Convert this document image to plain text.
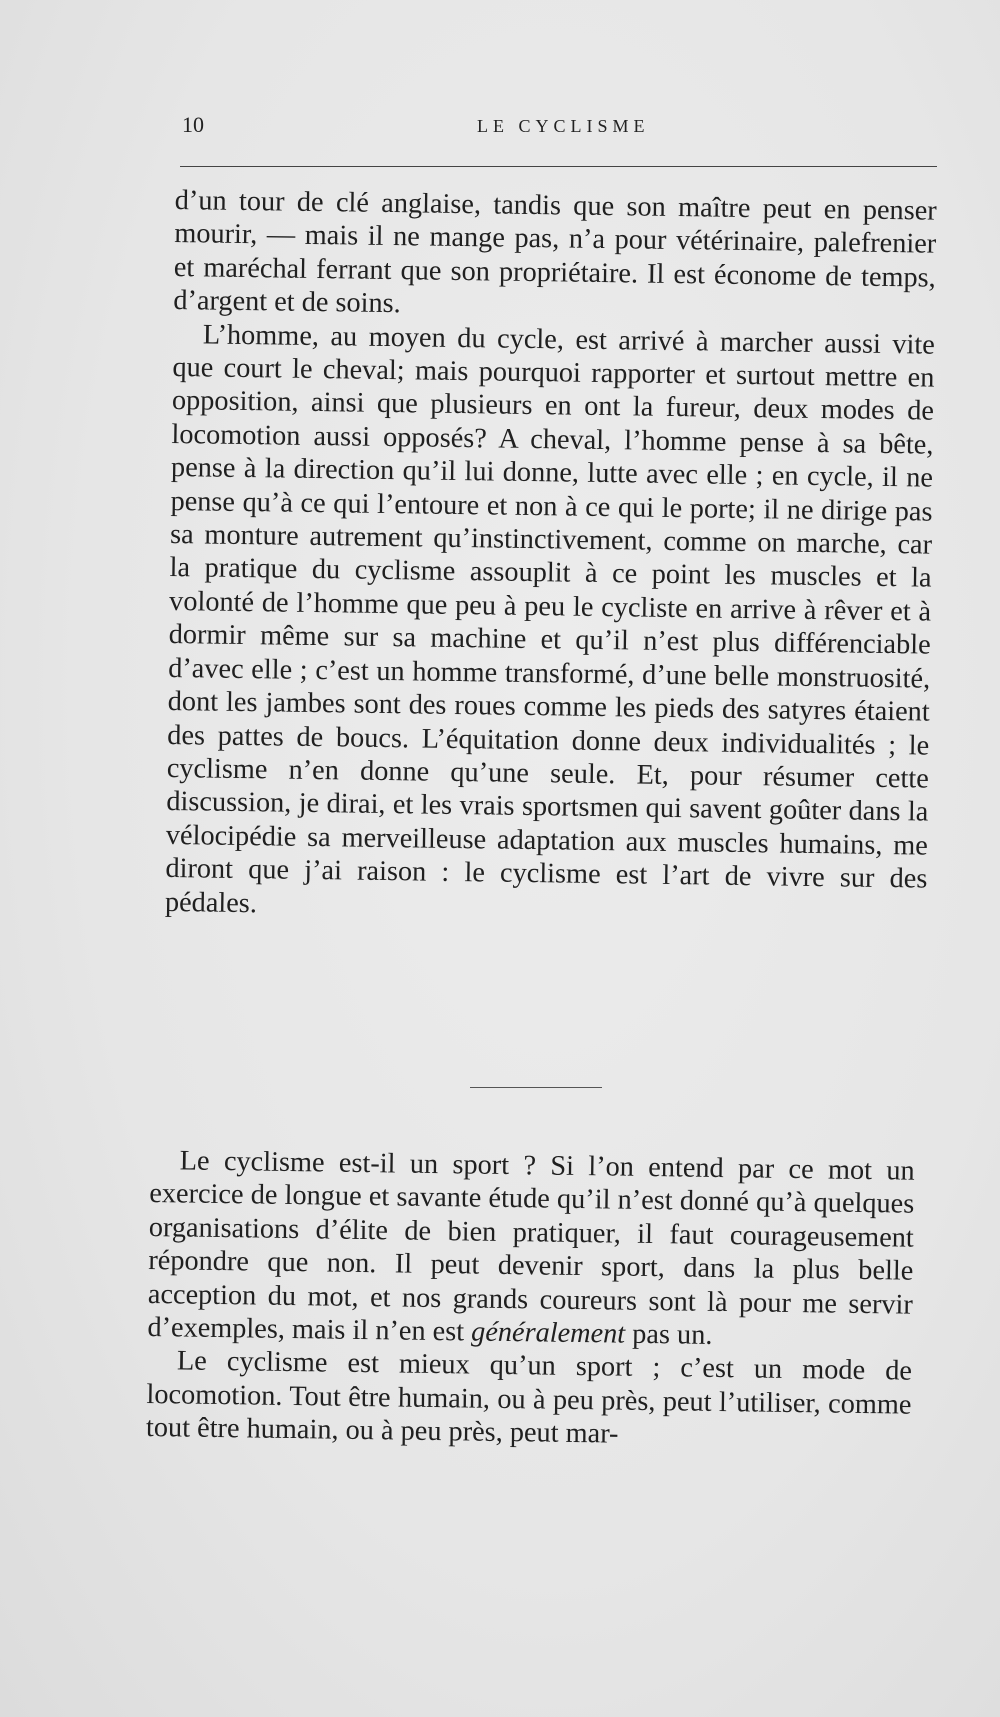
10	LE CYCLISME

d’un tour de clé anglaise, tandis que son maître peut en penser mourir, — mais il ne mange pas, n’a pour vétérinaire, palefrenier et maréchal ferrant que son propriétaire. Il est économe de temps, d’argent et de soins.

L’homme, au moyen du cycle, est arrivé à marcher aussi vite que court le cheval; mais pourquoi rapporter et surtout mettre en opposition, ainsi que plusieurs en ont la fureur, deux modes de locomotion aussi opposés? A cheval, l’homme pense à sa bête, pense à la direction qu’il lui donne, lutte avec elle ; en cycle, il ne pense qu’à ce qui l’entoure et non à ce qui le porte; il ne dirige pas sa monture autrement qu’instinctivement, comme on marche, car la pratique du cyclisme assouplit à ce point les muscles et la volonté de l’homme que peu à peu le cycliste en arrive à rêver et à dormir même sur sa machine et qu’il n’est plus différenciable d’avec elle ; c’est un homme transformé, d’une belle monstruosité, dont les jambes sont des roues comme les pieds des satyres étaient des pattes de boucs. L’équitation donne deux individualités ; le cyclisme n’en donne qu’une seule. Et, pour résumer cette discussion, je dirai, et les vrais sportsmen qui savent goûter dans la vélocipédie sa merveilleuse adaptation aux muscles humains, me diront que j’ai raison : le cyclisme est l’art de vivre sur des pédales.

Le cyclisme est-il un sport ? Si l’on entend par ce mot un exercice de longue et savante étude qu’il n’est donné qu’à quelques organisations d’élite de bien pratiquer, il faut courageusement répondre que non. Il peut devenir sport, dans la plus belle acception du mot, et nos grands coureurs sont là pour me servir d’exemples, mais il n’en est généralement pas un.

Le cyclisme est mieux qu’un sport ; c’est un mode de locomotion. Tout être humain, ou à peu près, peut l’utiliser, comme tout être humain, ou à peu près, peut mar-
